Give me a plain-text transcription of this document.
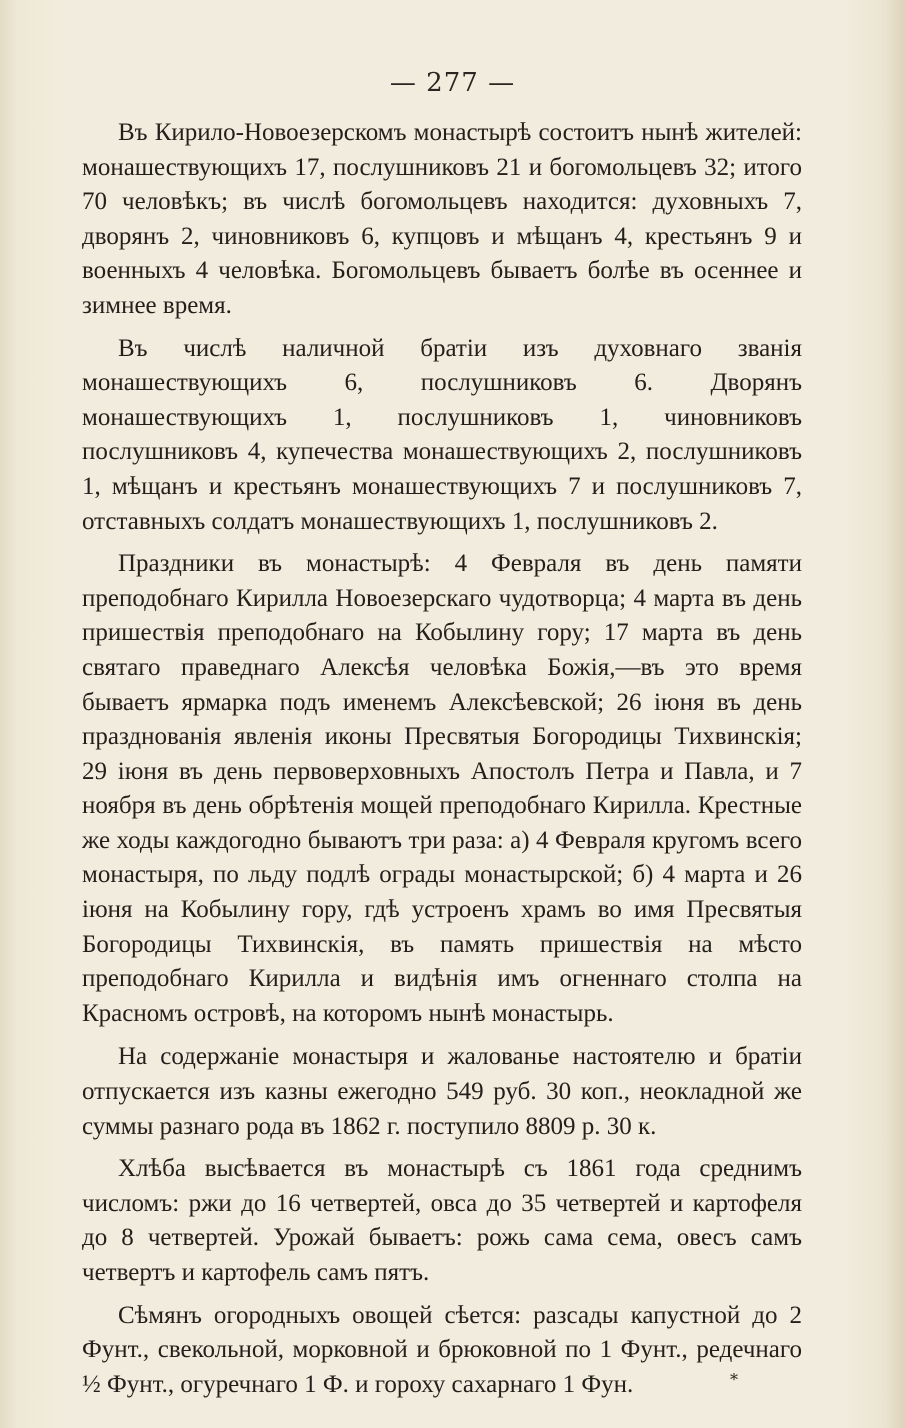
— 277 —

Въ Кирило-Новоезерскомъ монастырѣ состоитъ нынѣ жителей: монашествующихъ 17, послушниковъ 21 и богомольцевъ 32; итого 70 человѣкъ; въ числѣ богомольцевъ находится: духовныхъ 7, дворянъ 2, чиновниковъ 6, купцовъ и мѣщанъ 4, крестьянъ 9 и военныхъ 4 человѣка. Богомольцевъ бываетъ болѣе въ осеннее и зимнее время.

Въ числѣ наличной братіи изъ духовнаго званія монашествующихъ 6, послушниковъ 6. Дворянъ монашествующихъ 1, послушниковъ 1, чиновниковъ послушниковъ 4, купечества монашествующихъ 2, послушниковъ 1, мѣщанъ и крестьянъ монашествующихъ 7 и послушниковъ 7, отставныхъ солдатъ монашествующихъ 1, послушниковъ 2.

Праздники въ монастырѣ: 4 Февраля въ день памяти преподобнаго Кирилла Новоезерскаго чудотворца; 4 марта въ день пришествія преподобнаго на Кобылину гору; 17 марта въ день святаго праведнаго Алексѣя человѣка Божія,—въ это время бываетъ ярмарка подъ именемъ Алексѣевской; 26 іюня въ день празднованія явленія иконы Пресвятыя Богородицы Тихвинскія; 29 іюня въ день первоверховныхъ Апостолъ Петра и Павла, и 7 ноября въ день обрѣтенія мощей преподобнаго Кирилла. Крестные же ходы каждогодно бываютъ три раза: а) 4 Февраля кругомъ всего монастыря, по льду подлѣ ограды монастырской; б) 4 марта и 26 іюня на Кобылину гору, гдѣ устроенъ храмъ во имя Пресвятыя Богородицы Тихвинскія, въ память пришествія на мѣсто преподобнаго Кирилла и видѣнія имъ огненнаго столпа на Красномъ островѣ, на которомъ нынѣ монастырь.

На содержаніе монастыря и жалованье настоятелю и братіи отпускается изъ казны ежегодно 549 руб. 30 коп., неокладной же суммы разнаго рода въ 1862 г. поступило 8809 р. 30 к.

Хлѣба высѣвается въ монастырѣ съ 1861 года среднимъ числомъ: ржи до 16 четвертей, овса до 35 четвертей и картофеля до 8 четвертей. Урожай бываетъ: рожь сама сема, овесъ самъ четвертъ и картофель самъ пятъ.

Сѣмянъ огородныхъ овощей сѣется: разсады капустной до 2 Фунт., свекольной, морковной и брюковной по 1 Фунт., редечнаго ½ Фунт., огуречнаго 1 Ф. и гороху сахарнаго 1 Фун.	*
